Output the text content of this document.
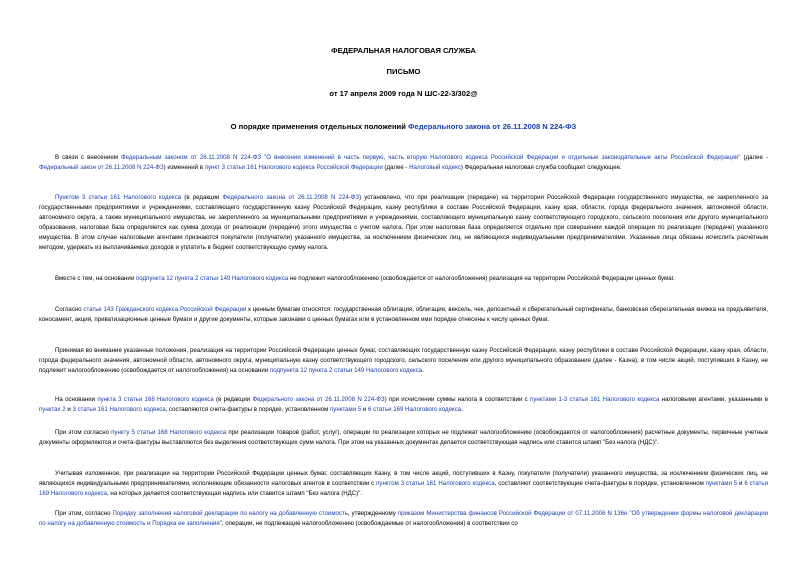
ФЕДЕРАЛЬНАЯ НАЛОГОВАЯ СЛУЖБА
ПИСЬМО
от 17 апреля 2009 года N ШС-22-3/302@
О порядке применения отдельных положений Федерального закона от 26.11.2008 N 224-ФЗ
В связи с внесением Федеральным законом от 26.11.2008 N 224-ФЗ "О внесении изменений в часть первую, часть вторую Налогового кодекса Российской Федерации и отдельные законодательные акты Российской Федерации" (далее - Федеральный закон от 26.11.2008 N 224-ФЗ) изменений в пункт 3 статьи 161 Налогового кодекса Российской Федерации (далее - Налоговый кодекс) Федеральная налоговая служба сообщает следующее.
Пунктом 3 статьи 161 Налогового кодекса (в редакции Федерального закона от 26.11.2008 N 224-ФЗ) установлено, что при реализации (передаче) на территории Российской Федерации государственного имущества, не закрепленного за государственными предприятиями и учреждениями, составляющего государственную казну Российской Федерации, казну республики в составе Российской Федерации, казну края, области, города федерального значения, автономной области, автономного округа, а также муниципального имущества, не закрепленного за муниципальными предприятиями и учреждениями, составляющего муниципальную казну соответствующего городского, сельского поселения или другого муниципального образования, налоговая база определяется как сумма дохода от реализации (передачи) этого имущества с учетом налога. При этом налоговая база определяется отдельно при совершении каждой операции по реализации (передаче) указанного имущества. В этом случае налоговыми агентами признаются покупатели (получатели) указанного имущества, за исключением физических лиц, не являющихся индивидуальными предпринимателями. Указанные лица обязаны исчислить расчетным методом, удержать из выплачиваемых доходов и уплатить в бюджет соответствующую сумму налога.
Вместе с тем, на основании подпункта 12 пункта 2 статьи 149 Налогового кодекса не подлежит налогообложению (освобождается от налогообложения) реализация на территории Российской Федерации ценных бумаг.
Согласно статье 143 Гражданского кодекса Российской Федерации к ценным бумагам относятся: государственная облигация, облигация, вексель, чек, депозитный и сберегательный сертификаты, банковская сберегательная книжка на предъявителя, коносамент, акция, приватизационные ценные бумаги и другие документы, которые законами о ценных бумагах или в установленном ими порядке отнесены к числу ценных бумаг.
Принимая во внимание указанные положения, реализация на территории Российской Федерации ценных бумаг, составляющих государственную казну Российской Федерации, казну республики в составе Российской Федерации, казну края, области, города федерального значения, автономной области, автономного округа, муниципальную казну соответствующего городского, сельского поселения или другого муниципального образования (далее - Казна), в том числе акций, поступивших в Казну, не подлежит налогообложению (освобождается от налогообложения) на основании подпункта 12 пункта 2 статьи 149 Налогового кодекса.
На основании пункта 3 статьи 168 Налогового кодекса (в редакции Федерального закона от 26.11.2008 N 224-ФЗ) при исчислении суммы налога в соответствии с пунктами 1-3 статьи 161 Налогового кодекса налоговыми агентами, указанными в пунктах 2 и 3 статьи 161 Налогового кодекса, составляются счета-фактуры в порядке, установленном пунктами 5 и 6 статьи 169 Налогового кодекса.
При этом согласно пункту 5 статьи 168 Налогового кодекса при реализации товаров (работ, услуг), операции по реализации которых не подлежат налогообложению (освобождаются от налогообложения) расчетные документы, первичные учетные документы оформляются и счета-фактуры выставляются без выделения соответствующих сумм налога. При этом на указанных документах делается соответствующая надпись или ставится штамп "Без налога (НДС)".
Учитывая изложенное, при реализации на территории Российской Федерации ценных бумаг, составляющих Казну, в том числе акций, поступивших в Казну, покупатели (получатели) указанного имущества, за исключением физических лиц, не являющихся индивидуальными предпринимателями, исполняющие обязанности налоговых агентов в соответствии с пунктом 3 статьи 161 Налогового кодекса, составляют соответствующие счета-фактуры в порядке, установленном пунктами 5 и 6 статьи 169 Налогового кодекса, на которых делается соответствующая надпись или ставится штамп "Без налога (НДС)".
При этом, согласно Порядку заполнения налоговой декларации по налогу на добавленную стоимость, утвержденному приказом Министерства финансов Российской Федерации от 07.11.2006 N 136н "Об утверждении формы налоговой декларации по налогу на добавленную стоимость и Порядка ее заполнения", операции, не подлежащие налогообложению (освобождаемые от налогообложения) в соответствии со
